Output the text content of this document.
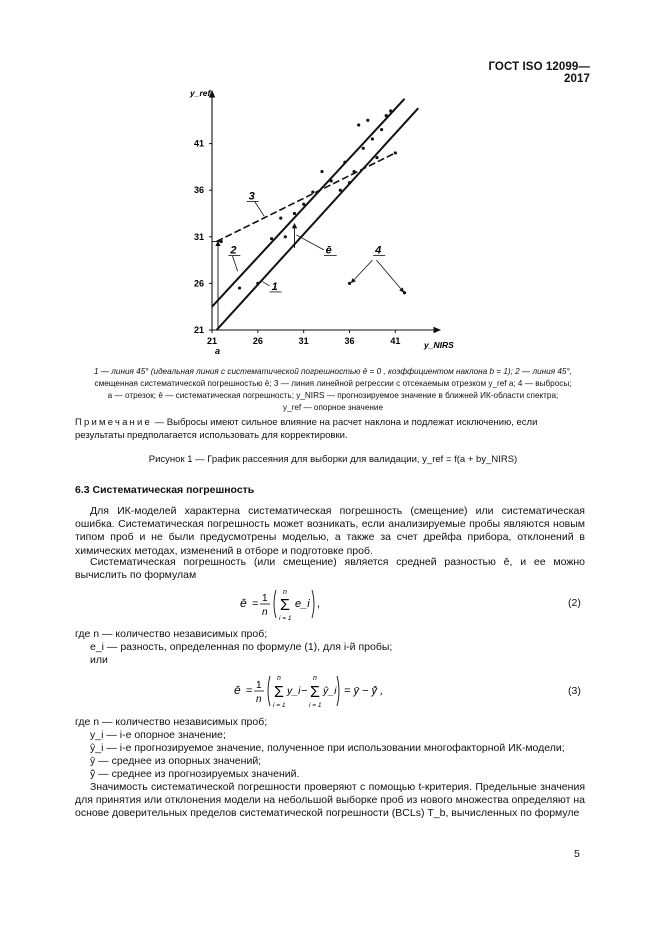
ГОСТ ISO 12099—2017
21	26	31	36	41
21
26
31
36
41
y_ref
y_NIRS
1
2
3
4
ē
a
1 — линия 45° (идеальная линия с систематической погрешностью ē = 0 , коэффициентом наклона b = 1); 2 — линия 45°,
смещенная систематической погрешностью ē; 3 — линия линейной регрессии с отсекаемым отрезком y_ref a; 4 — выбросы;
a — отрезок; ē — систематическая погрешность; y_NIRS — прогнозируемое значение в ближней ИК-области спектра;
y_ref — опорное значение
Примечание — Выбросы имеют сильное влияние на расчет наклона и подлежат исключению, если результаты предполагается использовать для корректировки.
Рисунок 1 — График рассеяния для выборки для валидации, y_ref = f(a + by_NIRS)
6.3 Систематическая погрешность
Для ИК-моделей характерна систематическая погрешность (смещение) или систематическая ошибка. Систематическая погрешность может возникать, если анализируемые пробы являются новым типом проб и не были предусмотрены моделью, а также за счет дрейфа прибора, отклонений в химических методах, изменений в отборе и подготовке проб.
Систематическая погрешность (или смещение) является средней разностью ē, и ее можно вычислить по формулам
ē = 1
n
n
Σ
i = 1
e_i ,	(2)
где n — количество независимых проб;
e_i — разность, определенная по формуле (1), для i-й пробы;
или
ē = 1
n
n
Σ
i = 1
y_i −
n
Σ
i = 1
ŷ_i = ȳ − ȳ̂ ,	(3)
где n — количество независимых проб;
y_i — i-е опорное значение;
ŷ_i — i-е прогнозируемое значение, полученное при использовании многофакторной ИК-модели;
ȳ — среднее из опорных значений;
ȳ̂ — среднее из прогнозируемых значений.
Значимость систематической погрешности проверяют с помощью t-критерия. Предельные значения для принятия или отклонения модели на небольшой выборке проб из нового множества определяют на основе доверительных пределов систематической погрешности (BCLs) T_b, вычисленных по формуле
5
